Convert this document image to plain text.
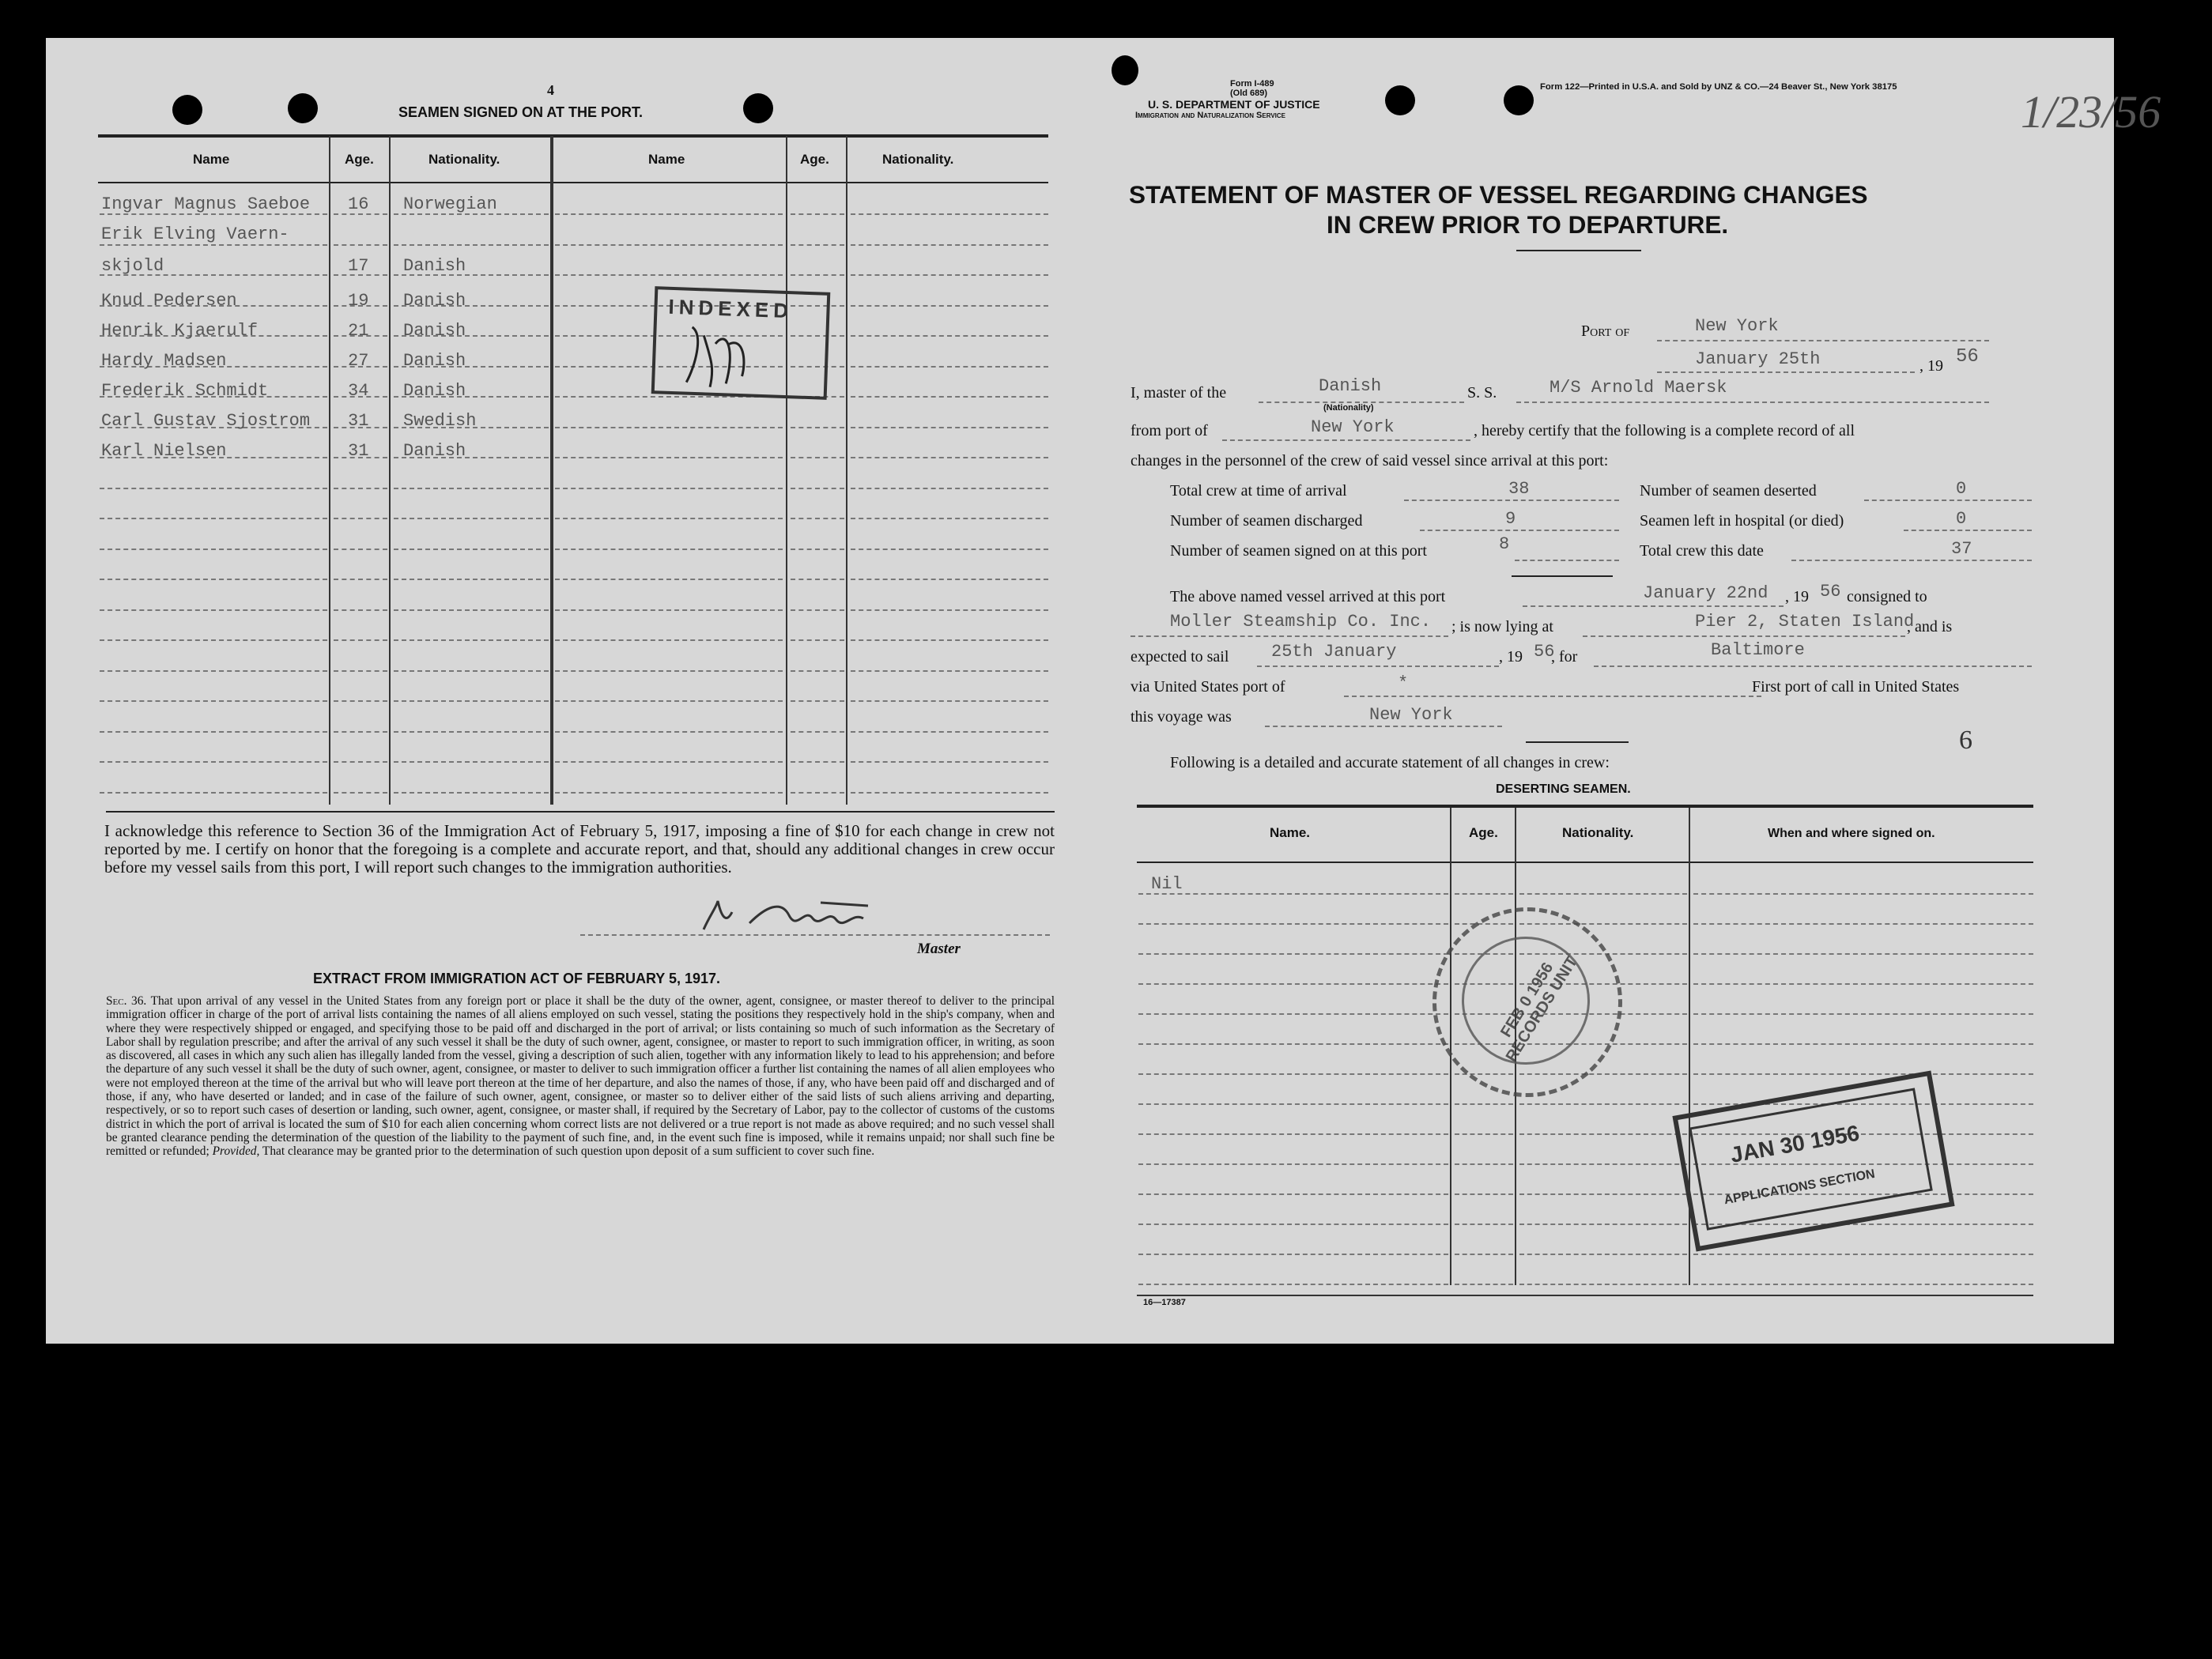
4
SEAMEN SIGNED ON AT THE PORT.
Name	Age.	Nationality.	Name	Age.	Nationality.
Ingvar Magnus Saeboe 16 Norwegian
Erik Elving Vaern-
skjold	17 Danish
Knud Pedersen	19 Danish
Henrik Kjaerulf	21 Danish
Hardy Madsen	27 Danish
Frederik Schmidt	34 Danish
Carl Gustav Sjostrom 31 Swedish
Karl Nielsen	31 Danish
INDEXED
I acknowledge this reference to Section 36 of the Immigration Act of February 5, 1917, imposing a fine of $10 for each change in crew not reported by me. I certify on honor that the foregoing is a complete and accurate report, and that, should any additional changes in crew occur before my vessel sails from this port, I will report such changes to the immigration authorities.
Master
EXTRACT FROM IMMIGRATION ACT OF FEBRUARY 5, 1917.
Sec. 36. That upon arrival of any vessel in the United States from any foreign port or place it shall be the duty of the owner, agent, consignee, or master thereof to deliver to the principal immigration officer in charge of the port of arrival lists containing the names of all aliens employed on such vessel, stating the positions they respectively hold in the ship's company, when and where they were respectively shipped or engaged, and specifying those to be paid off and discharged in the port of arrival; or lists containing so much of such information as the Secretary of Labor shall by regulation prescribe; and after the arrival of any such vessel it shall be the duty of such owner, agent, consignee, or master to report to such immigration officer, in writing, as soon as discovered, all cases in which any such alien has illegally landed from the vessel, giving a description of such alien, together with any information likely to lead to his apprehension; and before the departure of any such vessel it shall be the duty of such owner, agent, consignee, or master to deliver to such immigration officer a further list containing the names of all alien employees who were not employed thereon at the time of the arrival but who will leave port thereon at the time of her departure, and also the names of those, if any, who have been paid off and discharged and of those, if any, who have deserted or landed; and in case of the failure of such owner, agent, consignee, or master so to deliver either of the said lists of such aliens arriving and departing, respectively, or so to report such cases of desertion or landing, such owner, agent, consignee, or master shall, if required by the Secretary of Labor, pay to the collector of customs of the customs district in which the port of arrival is located the sum of $10 for each alien concerning whom correct lists are not delivered or a true report is not made as above required; and no such vessel shall be granted clearance pending the determination of the question of the liability to the payment of such fine, and, in the event such fine is imposed, while it remains unpaid; nor shall such fine be remitted or refunded; Provided, That clearance may be granted prior to the determination of such question upon deposit of a sum sufficient to cover such fine.
Form I-489
(Old 689)
U. S. DEPARTMENT OF JUSTICE
Immigration and Naturalization Service
Form 122—Printed in U.S.A. and Sold by UNZ & CO.—24 Beaver St., New York 38175	1/23/56
STATEMENT OF MASTER OF VESSEL REGARDING CHANGES
IN CREW PRIOR TO DEPARTURE.
Port of	New York
January 25th	, 19 56
I, master of the	Danish
(Nationality)
S. S.	M/S Arnold Maersk
from port of	New York	, hereby certify that the following is a complete record of all
changes in the personnel of the crew of said vessel since arrival at this port:
Total crew at time of arrival	38	Number of seamen deserted	0
Number of seamen discharged	9	Seamen left in hospital (or died)	0
Number of seamen signed on at this port	8	Total crew this date	37
The above named vessel arrived at this port	January 22nd , 19 56 consigned to
Moller Steamship Co. Inc. ; is now lying at	Pier 2, Staten Island
, and is
expected to sail 25th January	, 19 56
, for	Baltimore
via United States port of	*	First port of call in United States
this voyage was	New York
6
Following is a detailed and accurate statement of all changes in crew:
DESERTING SEAMEN.
Name.	Age.	Nationality.	When and where signed on.
Nil
16—17387
FEB 0 1956 RECORDS UNIT
JAN 30 1956
APPLICATIONS SECTION
